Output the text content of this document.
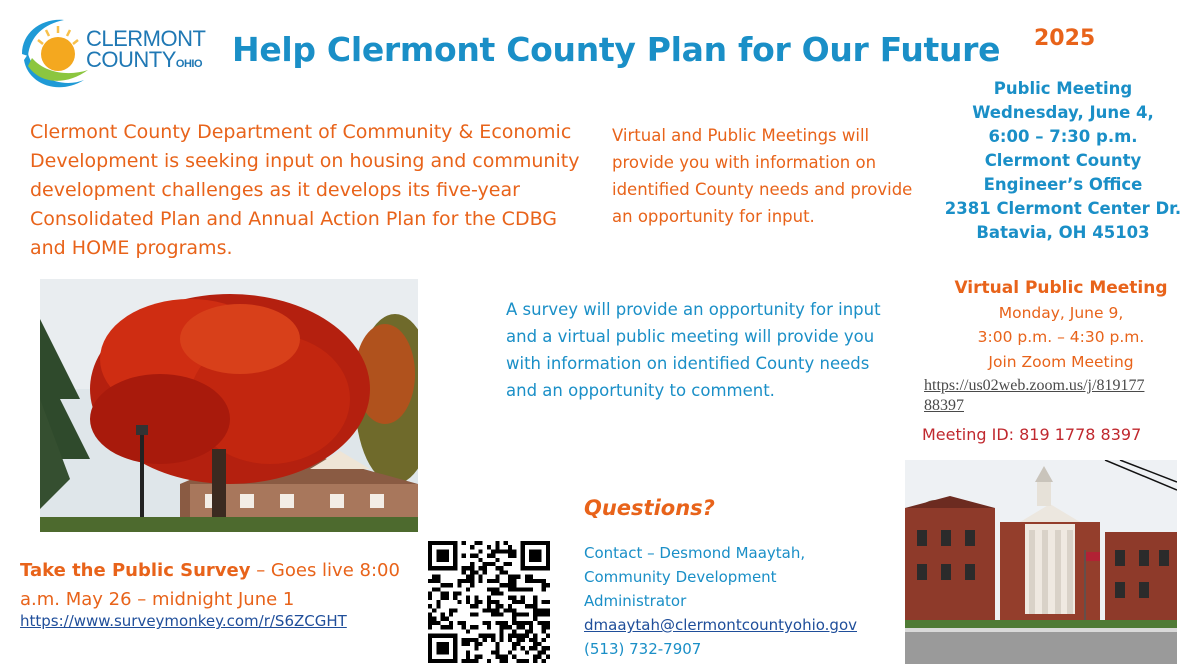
CLERMONT
COUNTYOHIO Help Clermont County Plan for Our Future 2025
Public Meeting
Wednesday, June 4,
6:00 – 7:30 p.m.
Clermont County
Engineer’s Office
2381 Clermont Center Dr.
Batavia, OH 45103
Virtual Public Meeting
Monday, June 9,
3:00 p.m. – 4:30 p.m.
Join Zoom Meeting
https://us02web.zoom.us/j/819177
88397
Meeting ID: 819 1778 8397
Clermont County Department of Community & Economic Development is seeking input on housing and community development challenges as it develops its five-year Consolidated Plan and Annual Action Plan for the CDBG and HOME programs.
Virtual and Public Meetings will provide you with information on identified County needs and provide an opportunity for input.
A survey will provide an opportunity for input and a virtual public meeting will provide you with information on identified County needs and an opportunity to comment.
Take the Public Survey – Goes live 8:00 a.m. May 26 – midnight June 1
https://www.surveymonkey.com/r/S6ZCGHT
Questions?
Contact – Desmond Maaytah,
Community Development
Administrator
dmaaytah@clermontcountyohio.gov
(513) 732-7907
